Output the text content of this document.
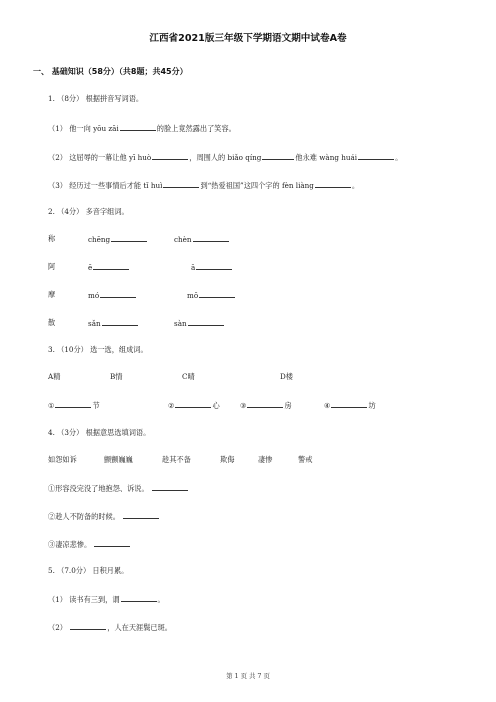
江西省2021版三年级下学期语文期中试卷A卷
一、 基础知识（58分）（共8题；共45分）
1. （8分） 根据拼音写词语。
（1） 他一向 yōu zāi	的脸上竟然露出了笑容。
（2） 这屈辱的一幕让他 yī huò	，周围人的 biǎo qíng	他永难 wàng huái	。
（3） 经历过一些事情后才能 tǐ huì	到“热爱祖国”这四个字的 fèn liàng	。
2. （4分） 多音字组词。
称	chēng	chèn
阿	ē	ā
摩	mó	mō
散	sǎn	sàn
3. （10分） 选一选，组成词。
A精	B情	C晴	D楼
①	节	②	心	③	房	④	坊
4. （3分） 根据意思选填词语。
如怨如诉	颤颤巍巍	趁其不备	欺侮	凄惨	警戒
①形容没完没了地抱怨、诉说。
②趁人不防备的时候。
③凄凉悲惨。
5. （7.0分） 日积月累。
（1） 读书有三到，谓	。
（2）	，人在天涯鬓已斑。
第 1 页 共 7 页
